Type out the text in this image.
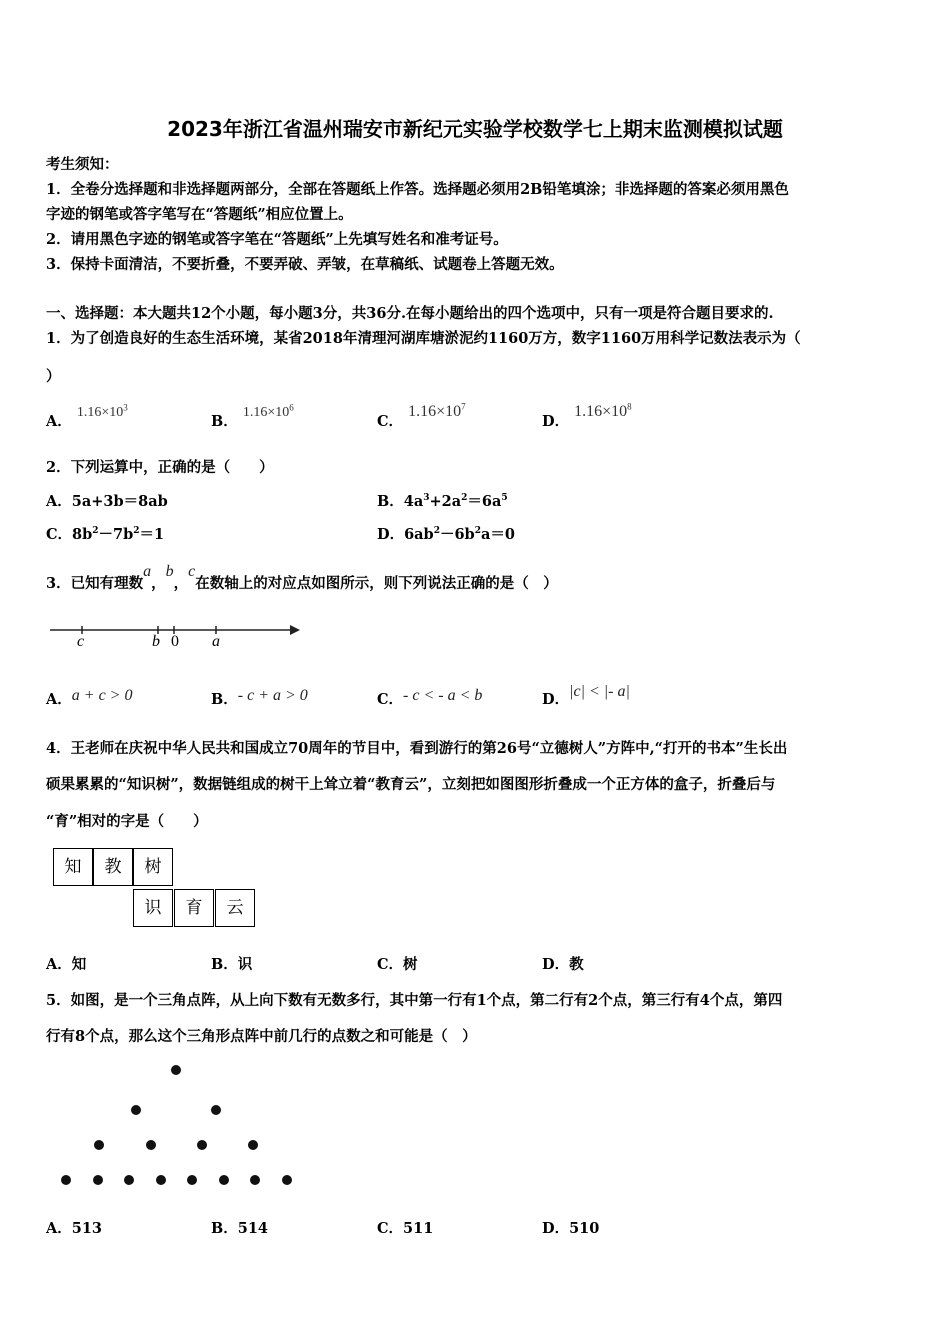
2023年浙江省温州瑞安市新纪元实验学校数学七上期末监测模拟试题
考生须知：
1．全卷分选择题和非选择题两部分，全部在答题纸上作答。选择题必须用2B铅笔填涂；非选择题的答案必须用黑色
字迹的钢笔或答字笔写在“答题纸”相应位置上。
2．请用黑色字迹的钢笔或答字笔在“答题纸”上先填写姓名和准考证号。
3．保持卡面清洁，不要折叠，不要弄破、弄皱，在草稿纸、试题卷上答题无效。
一、选择题：本大题共12个小题，每小题3分，共36分.在每小题给出的四个选项中，只有一项是符合题目要求的.
1．为了创造良好的生态生活环境，某省2018年清理河湖库塘淤泥约1160万方，数字1160万用科学记数法表示为（
）
A． $1.16\times 10^3$
B． $1.16\times 10^6$
C． $1.16\times 10^7$
D． $1.16\times 10^8$
2．下列运算中，正确的是（　　）
A．5a+3b＝8ab	B．$4a^3+2a^2=6a^5$
C．$8b^2-7b^2=1$	D．$6ab^2-6b^2a=0$
3．已知有理数a，b，c在数轴上的对应点如图所示，则下列说法正确的是（　）
c	b 0 a
A．a + c > 0	B．- c + a > 0	C．- c < - a < b	D．|c| < |- a|
4．王老师在庆祝中华人民共和国成立70周年的节目中，看到游行的第26号“立德树人”方阵中,“打开的书本”生长出
硕果累累的“知识树”，数据链组成的树干上耸立着“教育云”，立刻把如图图形折叠成一个正方体的盒子，折叠后与
“育”相对的字是（　　）
知	教	树
识	育	云
A．知	B．识	C．树	D．教
5．如图，是一个三角点阵，从上向下数有无数多行，其中第一行有1个点，第二行有2个点，第三行有4个点，第四
行有8个点，那么这个三角形点阵中前几行的点数之和可能是（　）
A．513	B．514	C．511	D．510
